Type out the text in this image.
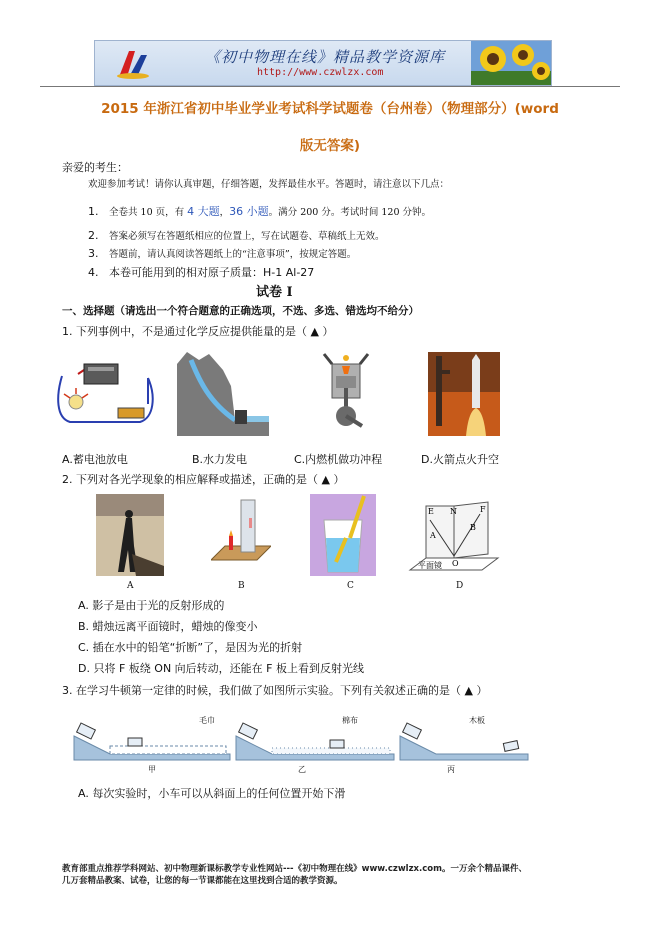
《初中物理在线》精品教学资源库
http://www.czwlzx.com
2015 年浙江省初中毕业学业考试科学试题卷（台州卷）（物理部分）(word
版无答案)
亲爱的考生：
欢迎参加考试！请你认真审题，仔细答题，发挥最佳水平。答题时，请注意以下几点：
1. 全卷共 10 页，有 4 大题，36 小题。满分 200 分。考试时间 120 分钟。
2. 答案必须写在答题纸相应的位置上，写在试题卷、草稿纸上无效。
3. 答题前，请认真阅读答题纸上的“注意事项”，按规定答题。
4. 本卷可能用到的相对原子质量：H-1 Al-27
试卷 I
一、选择题（请选出一个符合题意的正确选项，不选、多选、错选均不给分）
1. 下列事例中，不是通过化学反应提供能量的是（ ▲ ）
A.蓄电池放电	B.水力发电	C.内燃机做功冲程	D.火箭点火升空
2. 下列对各光学现象的相应解释或描述，正确的是（ ▲ ）
E N	F
A
B
O
平面镜
A	B	C	D
A. 影子是由于光的反射形成的
B. 蜡烛远离平面镜时，蜡烛的像变小
C. 插在水中的铅笔“折断”了，是因为光的折射
D. 只将 F 板绕 ON 向后转动，还能在 F 板上看到反射光线
3. 在学习牛顿第一定律的时候，我们做了如图所示实验。下列有关叙述正确的是（ ▲ ）
毛巾	棉布	木板
甲	乙	丙
A. 每次实验时，小车可以从斜面上的任何位置开始下滑
教育部重点推荐学科网站、初中物理新课标教学专业性网站---《初中物理在线》www.czwlzx.com。一万余个精品课件、
几万套精品教案、试卷，让您的每一节课都能在这里找到合适的教学资源。
